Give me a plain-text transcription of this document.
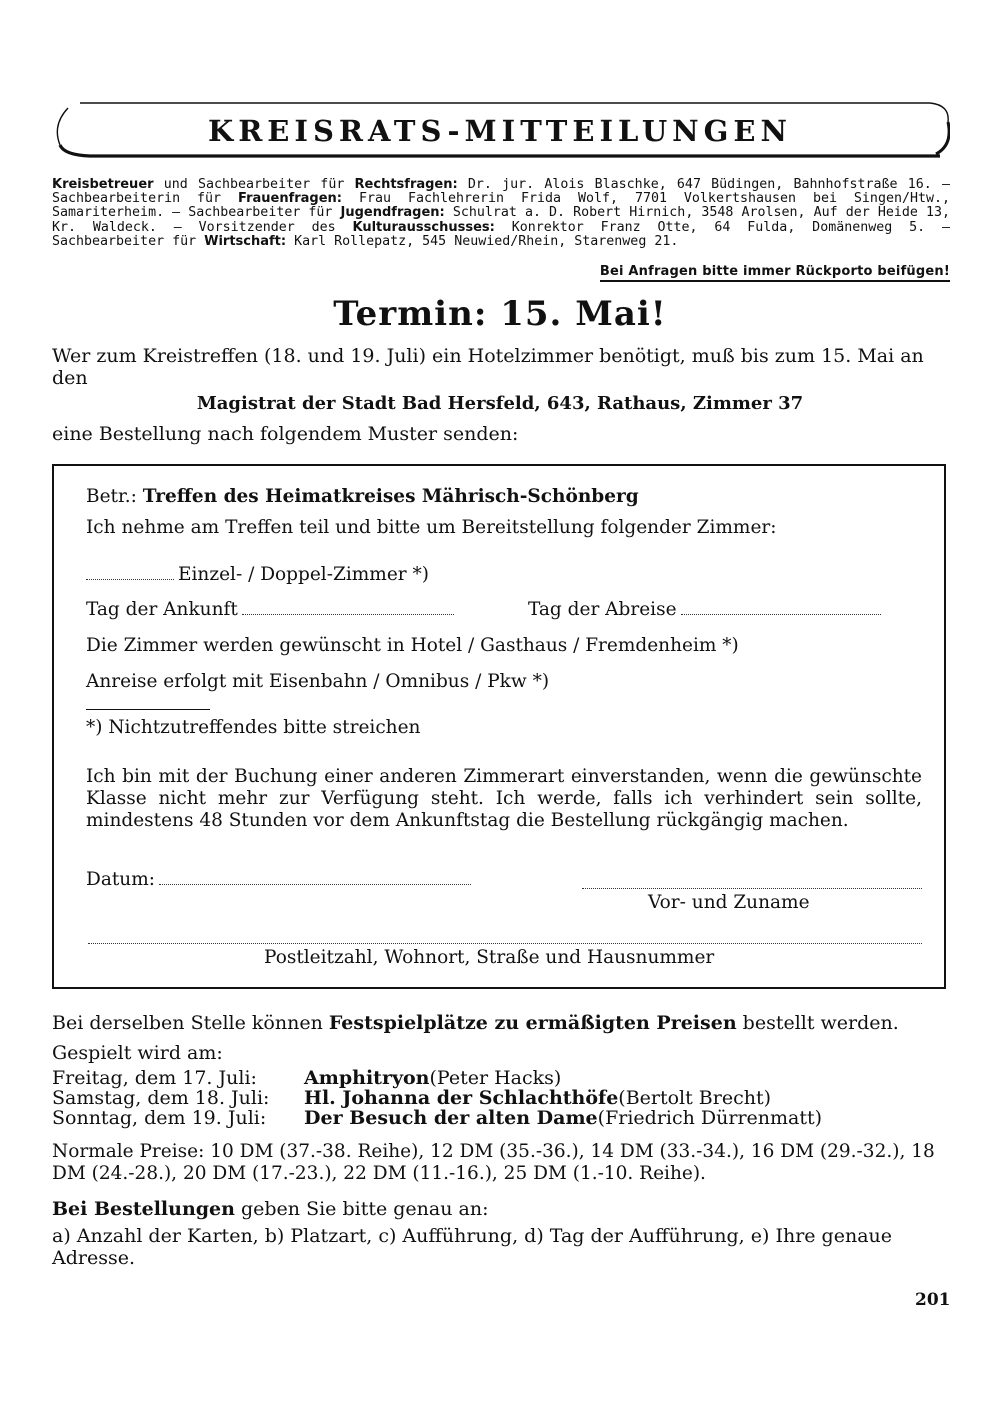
KREISRATS-MITTEILUNGEN
Kreisbetreuer und Sachbearbeiter für Rechtsfragen: Dr. jur. Alois Blaschke, 647 Büdingen, Bahnhofstraße 16. — Sachbearbeiterin für Frauenfragen: Frau Fachlehrerin Frida Wolf, 7701 Volkertshausen bei Singen/Htw., Samariterheim. — Sachbearbeiter für Jugendfragen: Schulrat a. D. Robert Hirnich, 3548 Arolsen, Auf der Heide 13, Kr. Waldeck. — Vorsitzender des Kulturausschusses: Konrektor Franz Otte, 64 Fulda, Domänenweg 5. — Sachbearbeiter für Wirtschaft: Karl Rollepatz, 545 Neuwied/Rhein, Starenweg 21.
Bei Anfragen bitte immer Rückporto beifügen!
Termin: 15. Mai!
Wer zum Kreistreffen (18. und 19. Juli) ein Hotelzimmer benötigt, muß bis zum 15. Mai an den
Magistrat der Stadt Bad Hersfeld, 643, Rathaus, Zimmer 37
eine Bestellung nach folgendem Muster senden:
Betr.: Treffen des Heimatkreises Mährisch-Schönberg
Ich nehme am Treffen teil und bitte um Bereitstellung folgender Zimmer:
Einzel- / Doppel-Zimmer *)
Tag der Ankunft	Tag der Abreise
Die Zimmer werden gewünscht in Hotel / Gasthaus / Fremdenheim *)
Anreise erfolgt mit Eisenbahn / Omnibus / Pkw *)
*) Nichtzutreffendes bitte streichen
Ich bin mit der Buchung einer anderen Zimmerart einverstanden, wenn die gewünschte Klasse nicht mehr zur Verfügung steht. Ich werde, falls ich verhindert sein sollte, mindestens 48 Stunden vor dem Ankunftstag die Bestellung rückgängig machen.
Datum:
Vor- und Zuname
Postleitzahl, Wohnort, Straße und Hausnummer
Bei derselben Stelle können Festspielplätze zu ermäßigten Preisen bestellt werden.
Gespielt wird am:
Freitag, dem 17. Juli:	Amphitryon (Peter Hacks)
Samstag, dem 18. Juli:	Hl. Johanna der Schlachthöfe (Bertolt Brecht)
Sonntag, dem 19. Juli:	Der Besuch der alten Dame (Friedrich Dürrenmatt)
Normale Preise: 10 DM (37.-38. Reihe), 12 DM (35.-36.), 14 DM (33.-34.), 16 DM (29.-32.), 18 DM (24.-28.), 20 DM (17.-23.), 22 DM (11.-16.), 25 DM (1.-10. Reihe).
Bei Bestellungen geben Sie bitte genau an:
a) Anzahl der Karten, b) Platzart, c) Aufführung, d) Tag der Aufführung, e) Ihre genaue Adresse.
201
